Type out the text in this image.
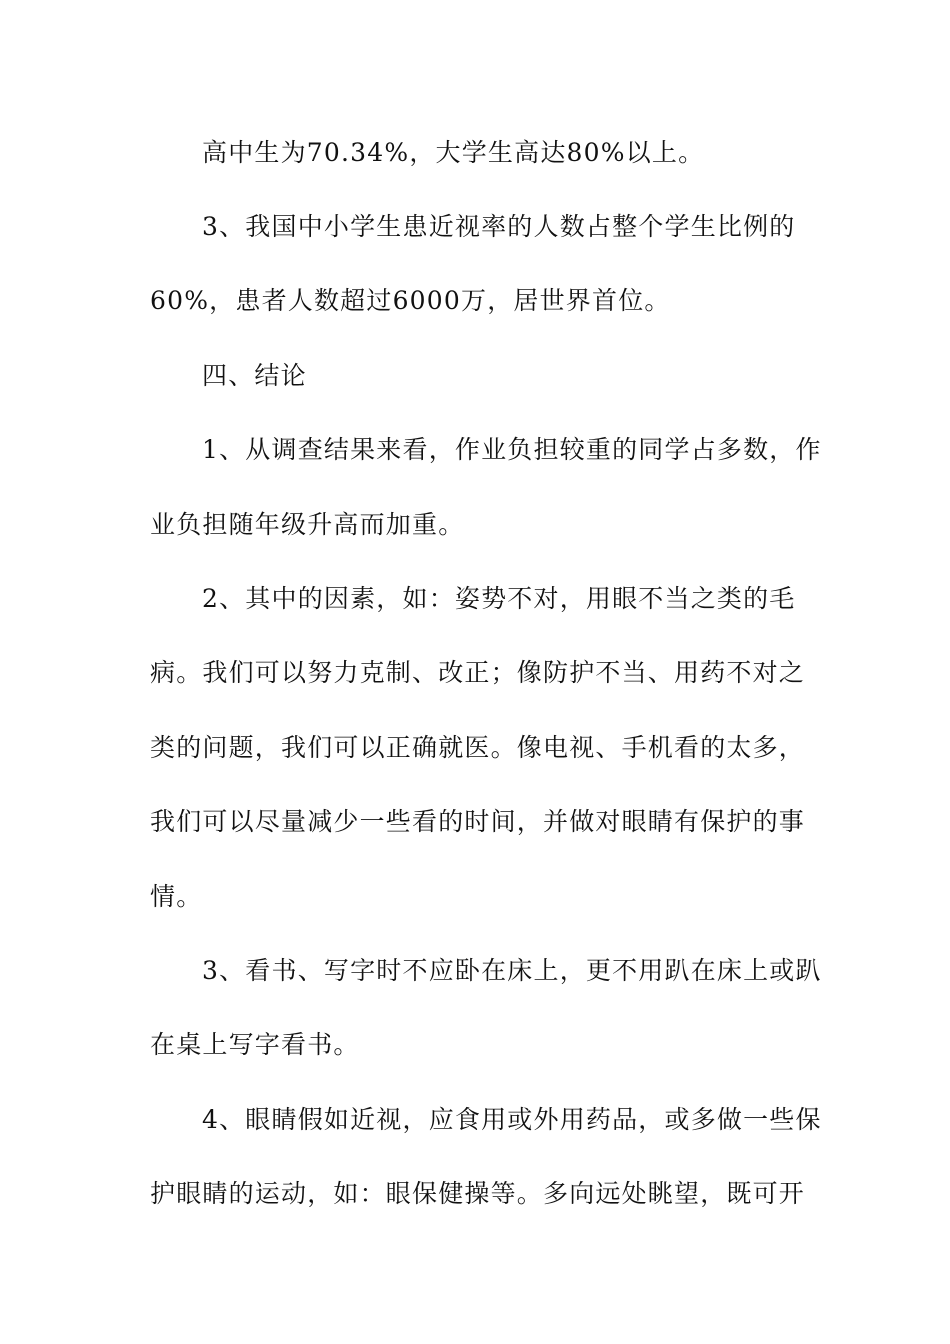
高中生为70.34%，大学生高达80%以上。
3、我国中小学生患近视率的人数占整个学生比例的
60%，患者人数超过6000万，居世界首位。
四、结论
1、从调查结果来看，作业负担较重的同学占多数，作
业负担随年级升高而加重。
2、其中的因素，如：姿势不对，用眼不当之类的毛
病。我们可以努力克制、改正；像防护不当、用药不对之
类的问题，我们可以正确就医。像电视、手机看的太多，
我们可以尽量减少一些看的时间，并做对眼睛有保护的事
情。
3、看书、写字时不应卧在床上，更不用趴在床上或趴
在桌上写字看书。
4、眼睛假如近视，应食用或外用药品，或多做一些保
护眼睛的运动，如：眼保健操等。多向远处眺望，既可开
